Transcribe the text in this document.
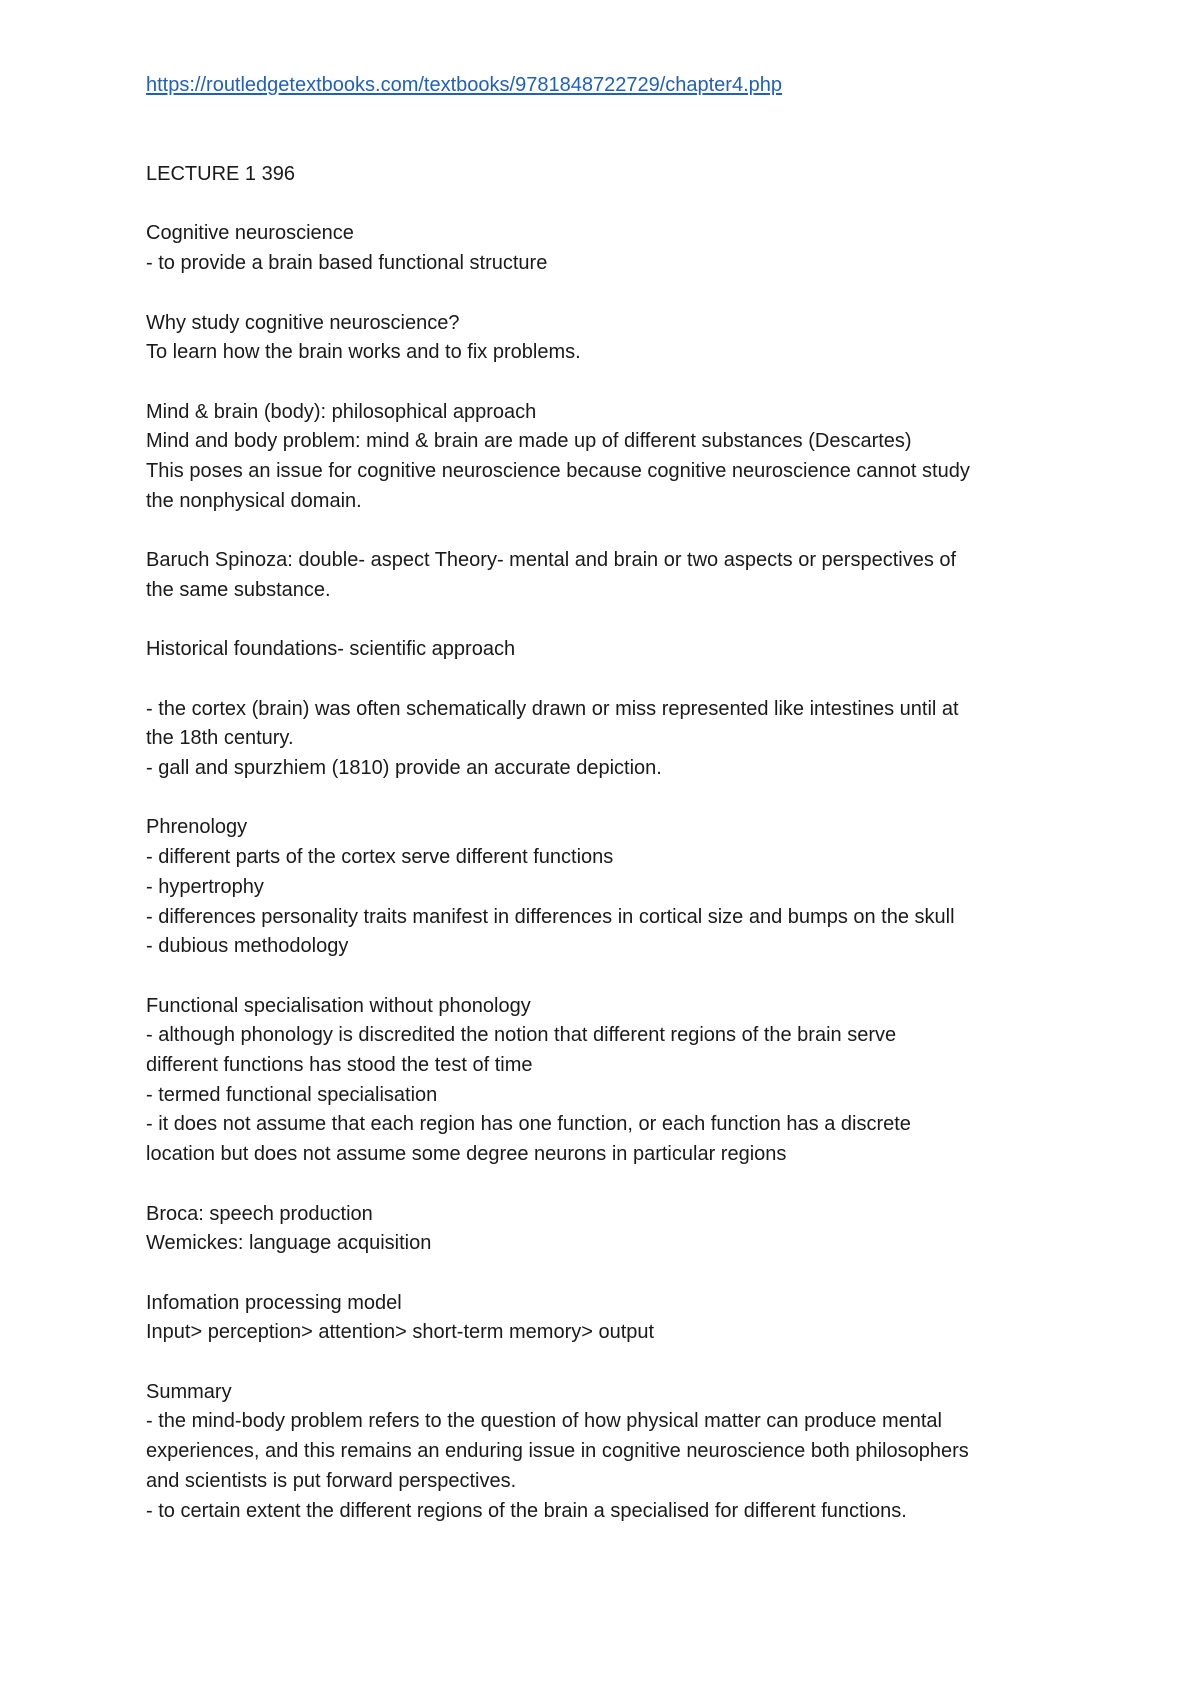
https://routledgetextbooks.com/textbooks/9781848722729/chapter4.php
LECTURE 1 396
Cognitive neuroscience
- to provide a brain based functional structure
Why study cognitive neuroscience?
To learn how the brain works and to fix problems.
Mind & brain (body): philosophical approach
Mind and body problem: mind & brain are made up of different substances (Descartes)
This poses an issue for cognitive neuroscience because cognitive neuroscience cannot study
the nonphysical domain.
Baruch Spinoza: double- aspect Theory- mental and brain or two aspects or perspectives of
the same substance.
Historical foundations- scientific approach
- the cortex (brain) was often schematically drawn or miss represented like intestines until at
the 18th century.
- gall and spurzhiem (1810) provide an accurate depiction.
Phrenology
- different parts of the cortex serve different functions
- hypertrophy
- differences personality traits manifest in differences in cortical size and bumps on the skull
- dubious methodology
Functional specialisation without phonology
- although phonology is discredited the notion that different regions of the brain serve
different functions has stood the test of time
- termed functional specialisation
- it does not assume that each region has one function, or each function has a discrete
location but does not assume some degree neurons in particular regions
Broca: speech production
Wemickes: language acquisition
Infomation processing model
Input> perception> attention> short-term memory> output
Summary
- the mind-body problem refers to the question of how physical matter can produce mental
experiences, and this remains an enduring issue in cognitive neuroscience both philosophers
and scientists is put forward perspectives.
- to certain extent the different regions of the brain a specialised for different functions.
